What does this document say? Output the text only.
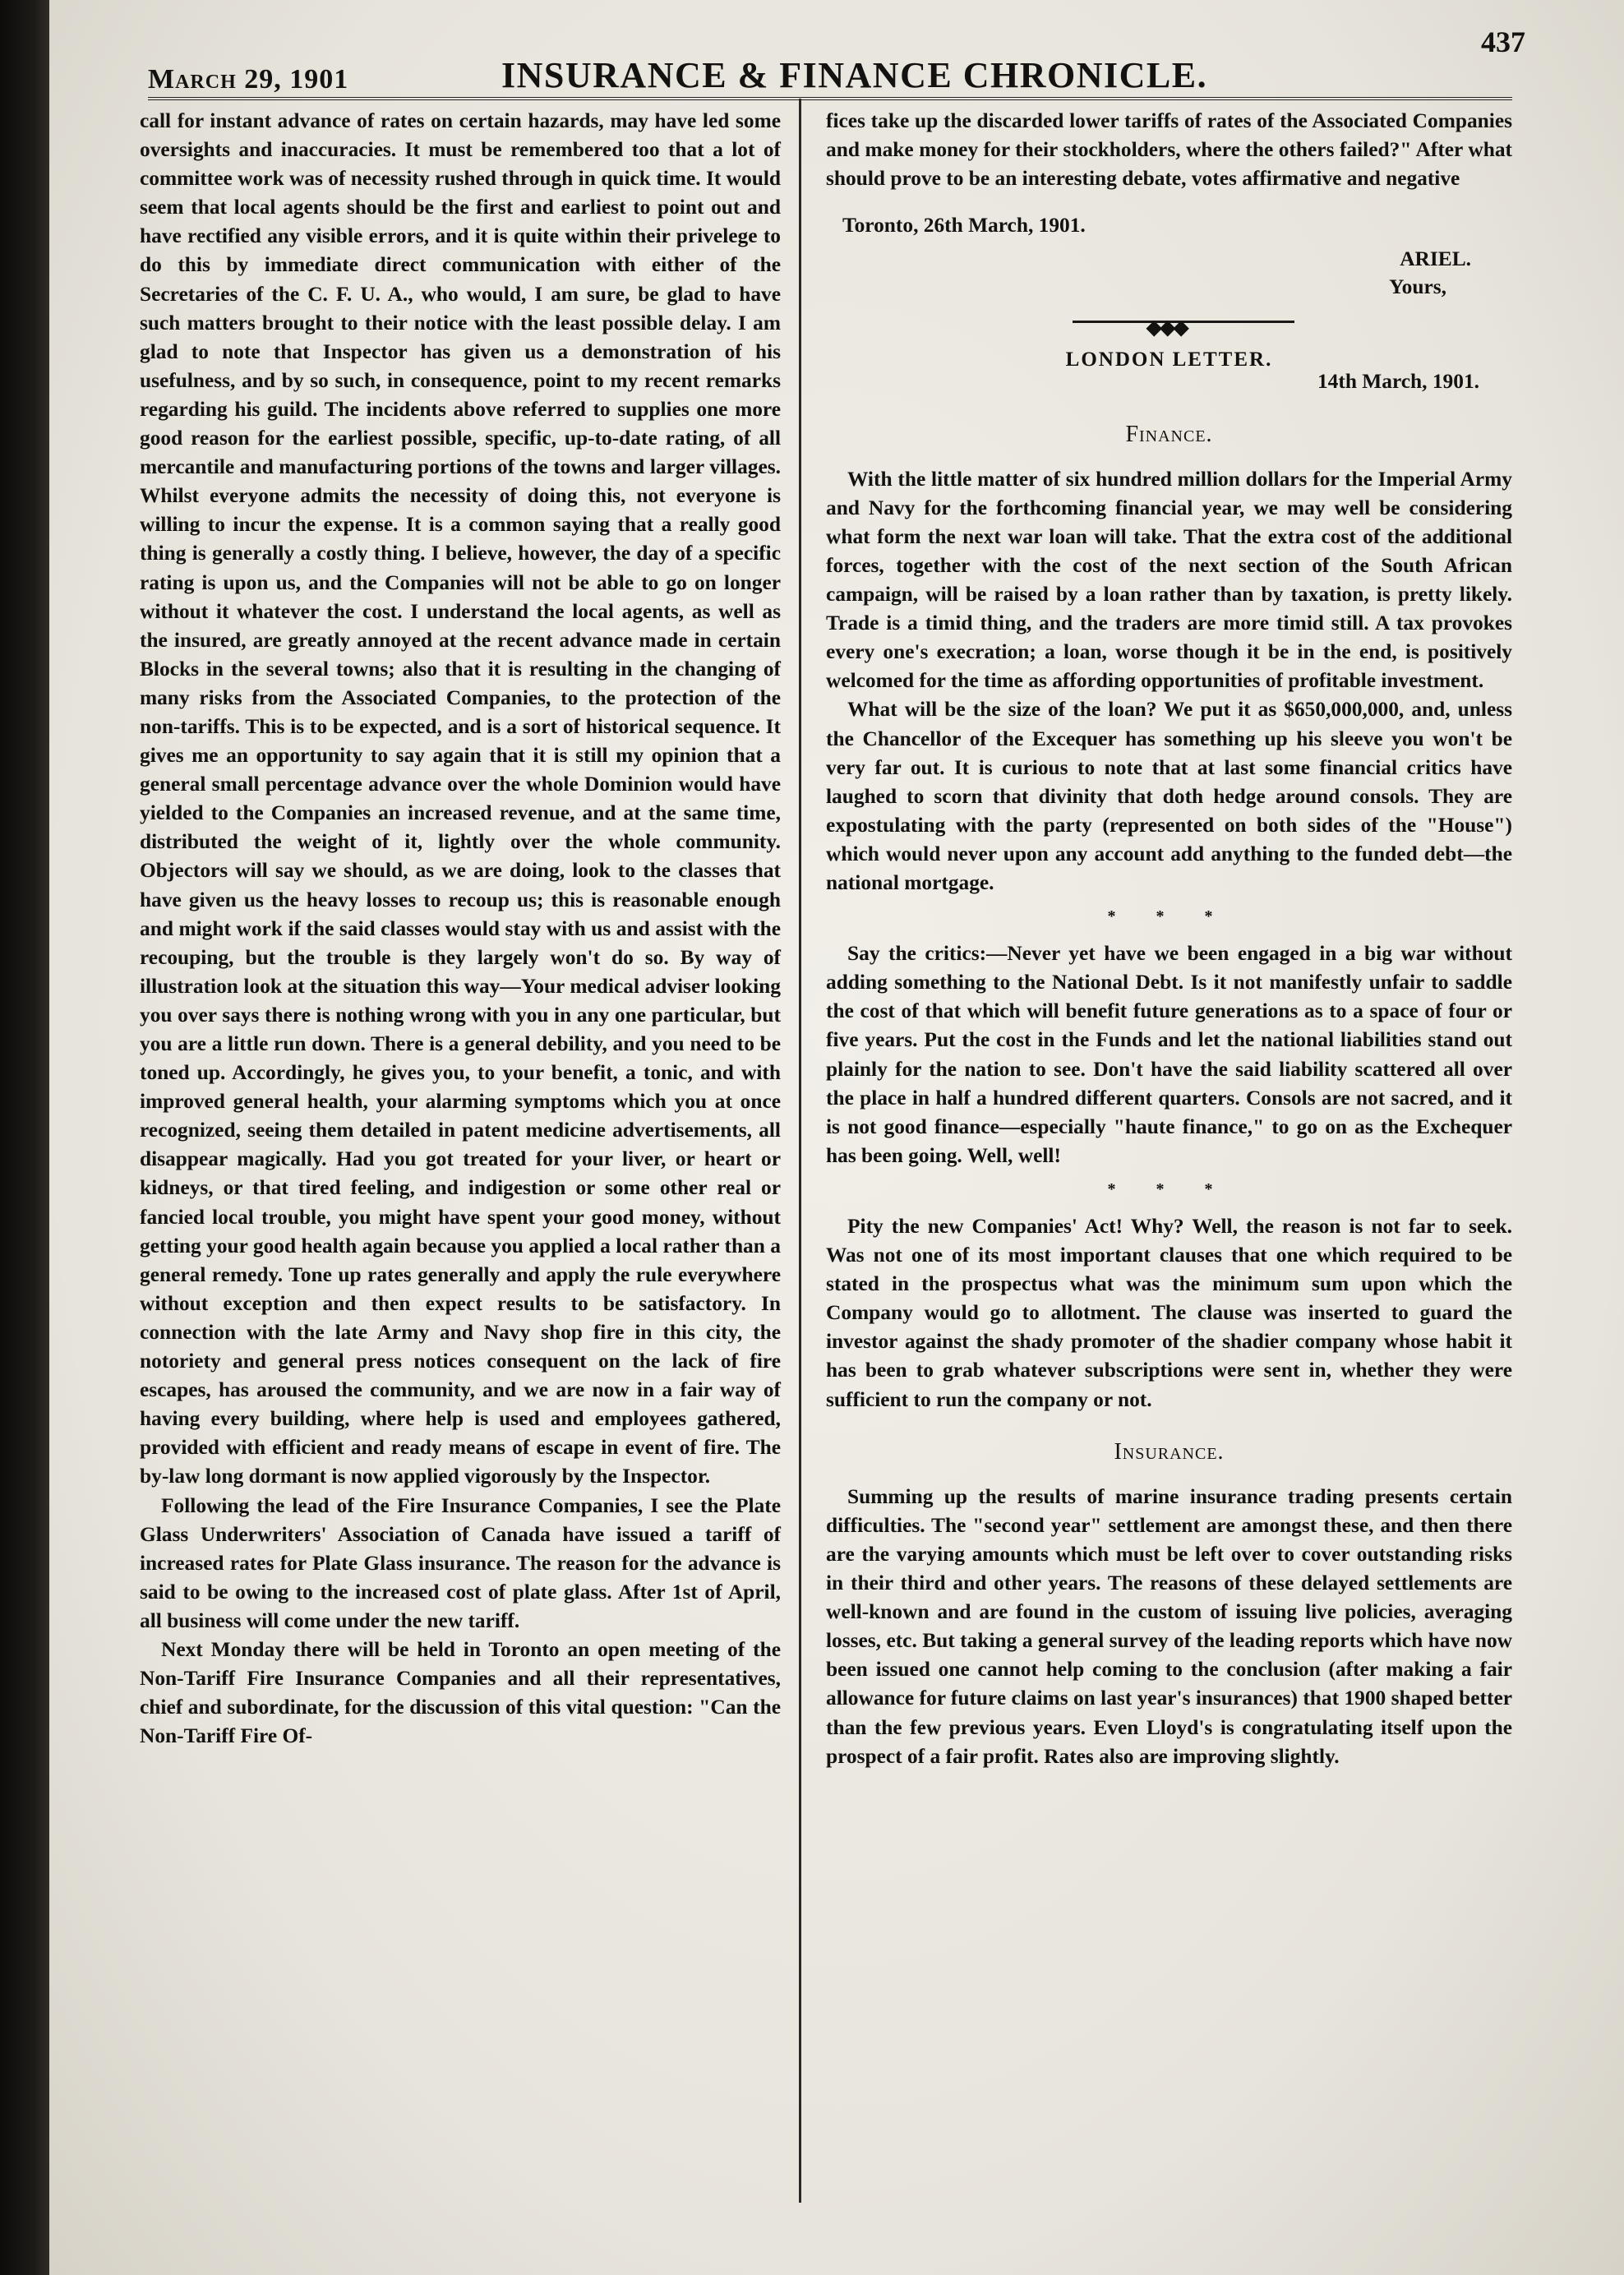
March 29, 1901	INSURANCE & FINANCE CHRONICLE.
437

call for instant advance of rates on certain hazards, may have led some oversights and inaccuracies. It must be remembered too that a lot of committee work was of necessity rushed through in quick time. It would seem that local agents should be the first and earliest to point out and have rectified any visible errors, and it is quite within their privelege to do this by immediate direct communication with either of the Secretaries of the C. F. U. A., who would, I am sure, be glad to have such matters brought to their notice with the least possible delay. I am glad to note that Inspector has given us a demonstration of his usefulness, and by so such, in consequence, point to my recent remarks regarding his guild. The incidents above referred to supplies one more good reason for the earliest possible, specific, up-to-date rating, of all mercantile and manufacturing portions of the towns and larger villages. Whilst everyone admits the necessity of doing this, not everyone is willing to incur the expense. It is a common saying that a really good thing is generally a costly thing. I believe, however, the day of a specific rating is upon us, and the Companies will not be able to go on longer without it whatever the cost. I understand the local agents, as well as the insured, are greatly annoyed at the recent advance made in certain Blocks in the several towns; also that it is resulting in the changing of many risks from the Associated Companies, to the protection of the non-tariffs. This is to be expected, and is a sort of historical sequence. It gives me an opportunity to say again that it is still my opinion that a general small percentage advance over the whole Dominion would have yielded to the Companies an increased revenue, and at the same time, distributed the weight of it, lightly over the whole community. Objectors will say we should, as we are doing, look to the classes that have given us the heavy losses to recoup us; this is reasonable enough and might work if the said classes would stay with us and assist with the recouping, but the trouble is they largely won't do so. By way of illustration look at the situation this way—Your medical adviser looking you over says there is nothing wrong with you in any one particular, but you are a little run down. There is a general debility, and you need to be toned up. Accordingly, he gives you, to your benefit, a tonic, and with improved general health, your alarming symptoms which you at once recognized, seeing them detailed in patent medicine advertisements, all disappear magically. Had you got treated for your liver, or heart or kidneys, or that tired feeling, and indigestion or some other real or fancied local trouble, you might have spent your good money, without getting your good health again because you applied a local rather than a general remedy. Tone up rates generally and apply the rule everywhere without exception and then expect results to be satisfactory. In connection with the late Army and Navy shop fire in this city, the notoriety and general press notices consequent on the lack of fire escapes, has aroused the community, and we are now in a fair way of having every building, where help is used and employees gathered, provided with efficient and ready means of escape in event of fire. The by-law long dormant is now applied vigorously by the Inspector.

Following the lead of the Fire Insurance Companies, I see the Plate Glass Underwriters' Association of Canada have issued a tariff of increased rates for Plate Glass insurance. The reason for the advance is said to be owing to the increased cost of plate glass. After 1st of April, all business will come under the new tariff.

Next Monday there will be held in Toronto an open meeting of the Non-Tariff Fire Insurance Companies and all their representatives, chief and subordinate, for the discussion of this vital question: "Can the Non-Tariff Fire Of-

fices take up the discarded lower tariffs of rates of the Associated Companies and make money for their stockholders, where the others failed?" After what should prove to be an interesting debate, votes affirmative and negative

Toronto, 26th March, 1901.
ARIEL.
Yours,
◆◆◆
LONDON LETTER.
14th March, 1901.
Finance.

With the little matter of six hundred million dollars for the Imperial Army and Navy for the forthcoming financial year, we may well be considering what form the next war loan will take. That the extra cost of the additional forces, together with the cost of the next section of the South African campaign, will be raised by a loan rather than by taxation, is pretty likely. Trade is a timid thing, and the traders are more timid still. A tax provokes every one's execration; a loan, worse though it be in the end, is positively welcomed for the time as affording opportunities of profitable investment.

What will be the size of the loan? We put it as $650,000,000, and, unless the Chancellor of the Excequer has something up his sleeve you won't be very far out. It is curious to note that at last some financial critics have laughed to scorn that divinity that doth hedge around consols. They are expostulating with the party (represented on both sides of the "House") which would never upon any account add anything to the funded debt—the national mortgage.

* * *

Say the critics:—Never yet have we been engaged in a big war without adding something to the National Debt. Is it not manifestly unfair to saddle the cost of that which will benefit future generations as to a space of four or five years. Put the cost in the Funds and let the national liabilities stand out plainly for the nation to see. Don't have the said liability scattered all over the place in half a hundred different quarters. Consols are not sacred, and it is not good finance—especially "haute finance," to go on as the Exchequer has been going. Well, well!

* * *

Pity the new Companies' Act! Why? Well, the reason is not far to seek. Was not one of its most important clauses that one which required to be stated in the prospectus what was the minimum sum upon which the Company would go to allotment. The clause was inserted to guard the investor against the shady promoter of the shadier company whose habit it has been to grab whatever subscriptions were sent in, whether they were sufficient to run the company or not.

Insurance.

Summing up the results of marine insurance trading presents certain difficulties. The "second year" settlement are amongst these, and then there are the varying amounts which must be left over to cover outstanding risks in their third and other years. The reasons of these delayed settlements are well-known and are found in the custom of issuing live policies, averaging losses, etc. But taking a general survey of the leading reports which have now been issued one cannot help coming to the conclusion (after making a fair allowance for future claims on last year's insurances) that 1900 shaped better than the few previous years. Even Lloyd's is congratulating itself upon the prospect of a fair profit. Rates also are improving slightly.
